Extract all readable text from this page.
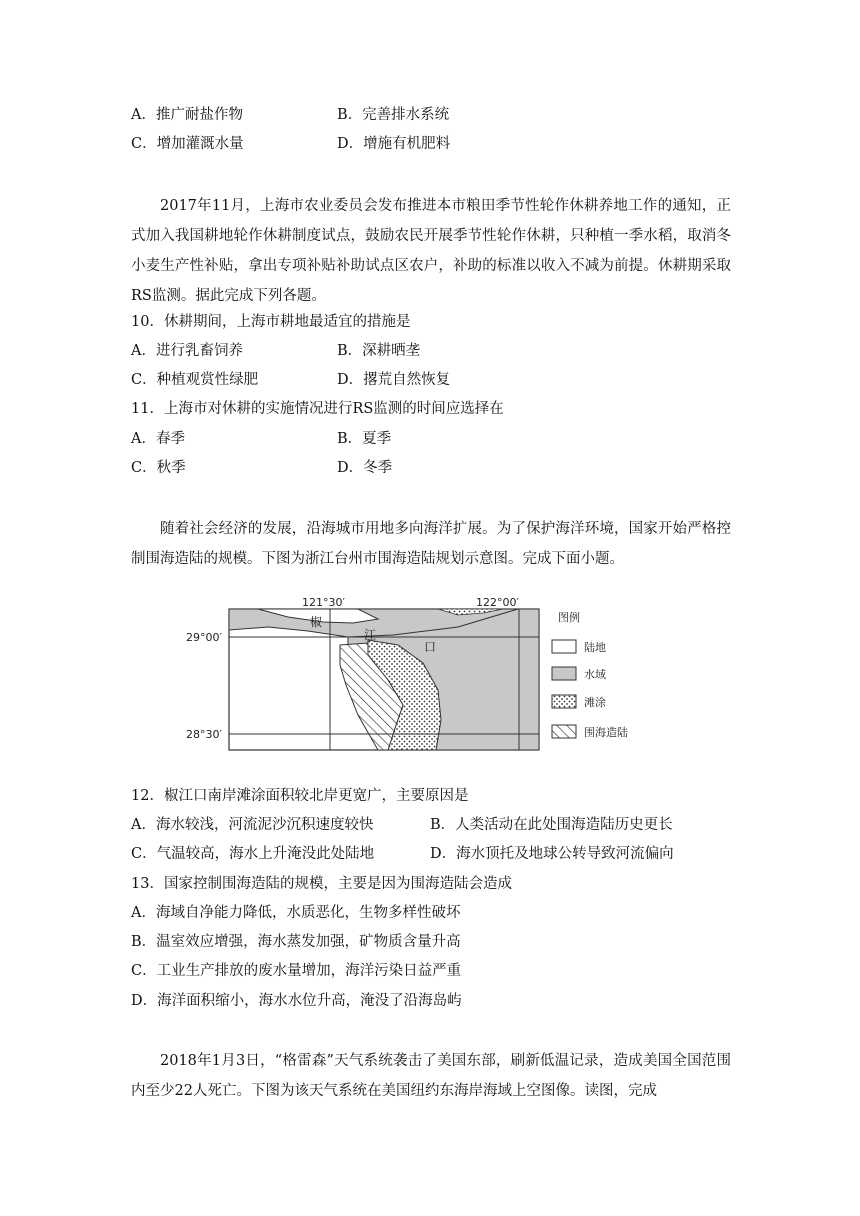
A．推广耐盐作物	B．完善排水系统
C．增加灌溉水量	D．增施有机肥料
2017年11月，上海市农业委员会发布推进本市粮田季节性轮作休耕养地工作的通知，正式加入我国耕地轮作休耕制度试点，鼓励农民开展季节性轮作休耕，只种植一季水稻，取消冬小麦生产性补贴，拿出专项补贴补助试点区农户，补助的标准以收入不减为前提。休耕期采取RS监测。据此完成下列各题。
10．休耕期间，上海市耕地最适宜的措施是
A．进行乳畜饲养	B．深耕晒垄
C．种植观赏性绿肥	D．撂荒自然恢复
11．上海市对休耕的实施情况进行RS监测的时间应选择在
A．春季	B．夏季
C．秋季	D．冬季
随着社会经济的发展，沿海城市用地多向海洋扩展。为了保护海洋环境，国家开始严格控制围海造陆的规模。下图为浙江台州市围海造陆规划示意图。完成下面小题。
121°30′	122°00′
29°00′
28°30′
椒
江
口
图例
陆地
水域
滩涂
围海造陆
12．椒江口南岸滩涂面积较北岸更宽广，主要原因是
A．海水较浅，河流泥沙沉积速度较快	B．人类活动在此处围海造陆历史更长
C．气温较高，海水上升淹没此处陆地	D．海水顶托及地球公转导致河流偏向
13．国家控制围海造陆的规模，主要是因为围海造陆会造成
A．海域自净能力降低，水质恶化，生物多样性破坏
B．温室效应增强，海水蒸发加强，矿物质含量升高
C．工业生产排放的废水量增加，海洋污染日益严重
D．海洋面积缩小，海水水位升高，淹没了沿海岛屿
2018年1月3日，“格雷森”天气系统袭击了美国东部，刷新低温记录，造成美国全国范围内至少22人死亡。下图为该天气系统在美国纽约东海岸海域上空图像。读图，完成
